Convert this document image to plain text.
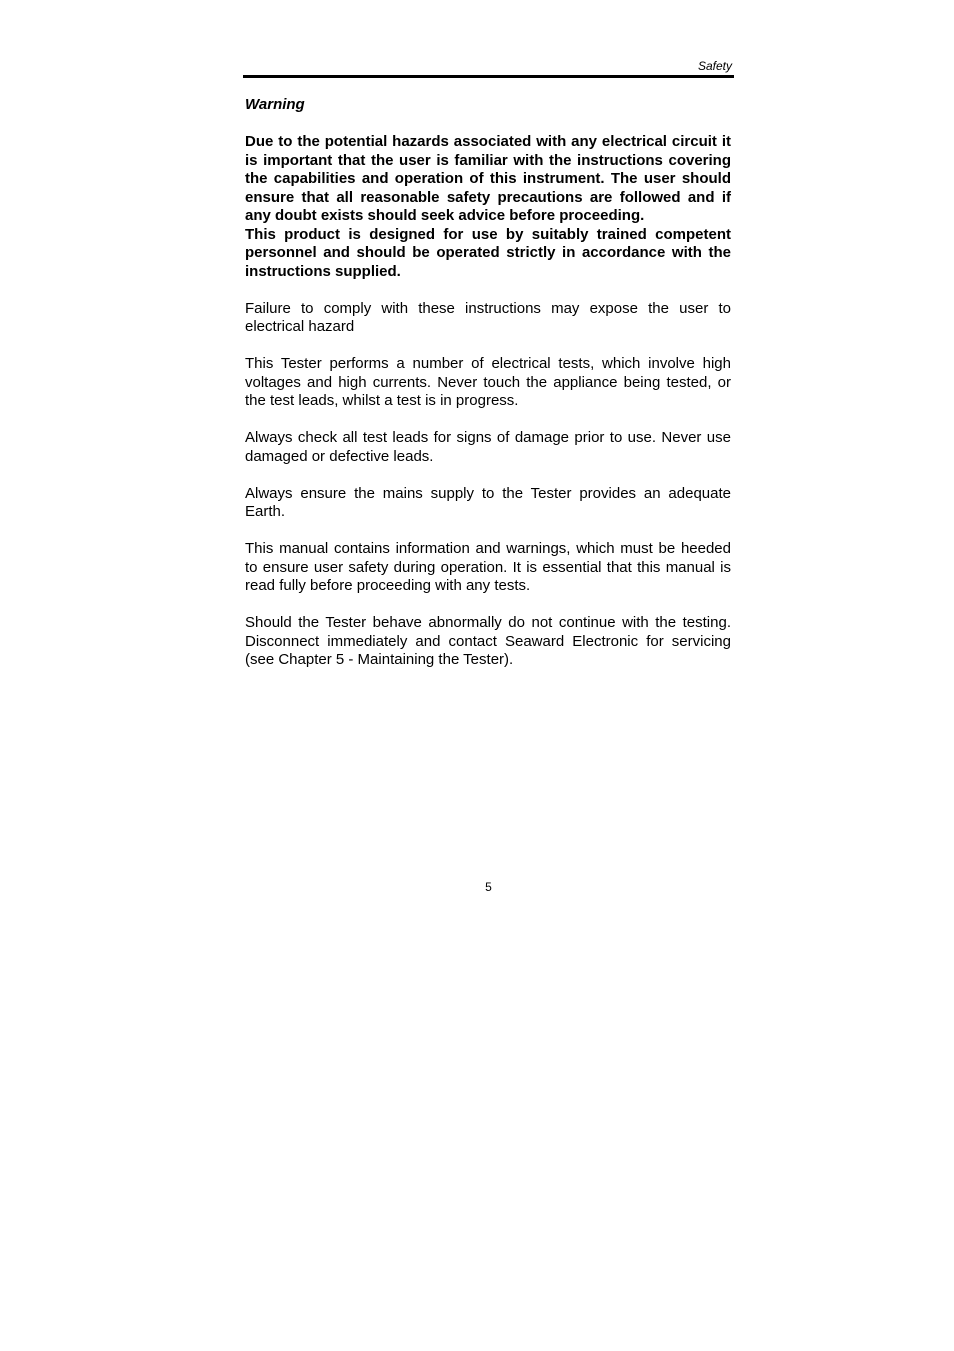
Safety
Warning

Due to the potential hazards associated with any electrical circuit it is important that the user is familiar with the instructions covering the capabilities and operation of this instrument. The user should ensure that all reasonable safety precautions are followed and if any doubt exists should seek advice before proceeding.

This product is designed for use by suitably trained competent personnel and should be operated strictly in accordance with the instructions supplied.

Failure to comply with these instructions may expose the user to electrical hazard

This Tester performs a number of electrical tests, which involve high voltages and high currents. Never touch the appliance being tested, or the test leads, whilst a test is in progress.

Always check all test leads for signs of damage prior to use. Never use damaged or defective leads.

Always ensure the mains supply to the Tester provides an adequate Earth.

This manual contains information and warnings, which must be heeded to ensure user safety during operation. It is essential that this manual is read fully before proceeding with any tests.

Should the Tester behave abnormally do not continue with the testing. Disconnect immediately and contact Seaward Electronic for servicing (see Chapter 5 - Maintaining the Tester).

5
